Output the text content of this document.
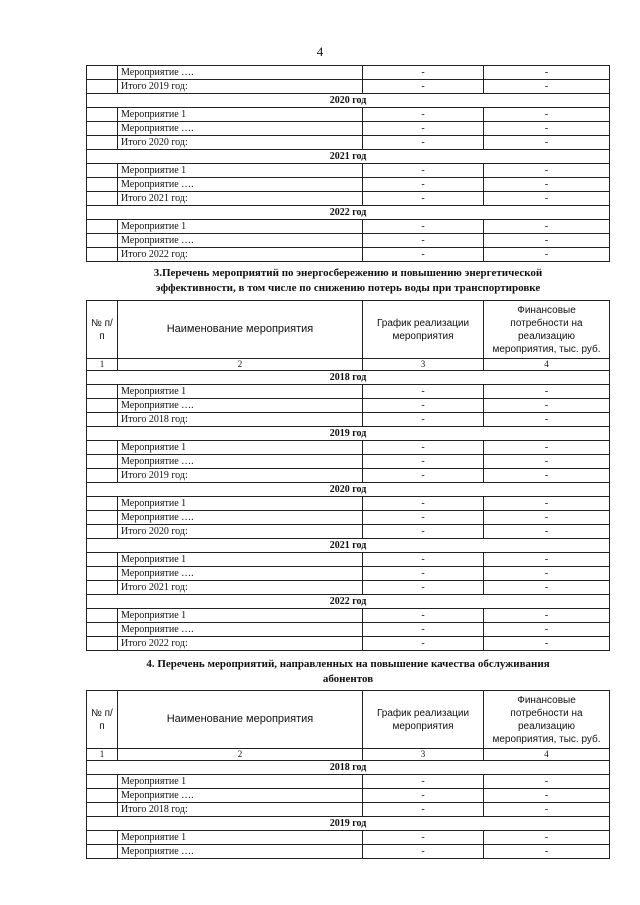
4
	Мероприятие ….	-	-
	Итого 2019 год:	-	-
2020 год			
	Мероприятие 1	-	-
	Мероприятие ….	-	-
	Итого 2020 год:	-	-
2021 год			
	Мероприятие 1	-	-
	Мероприятие ….	-	-
	Итого 2021 год:	-	-
2022 год			
	Мероприятие 1	-	-
	Мероприятие ….	-	-
	Итого 2022 год:	-	-
3.Перечень мероприятий по энергосбережению и повышению энергетической
эффективности, в том числе по снижению потерь воды при транспортировке
№ п/п	Наименование мероприятия	График реализации мероприятия	Финансовые потребности на реализацию мероприятия, тыс. руб.
1	2	3	4
2018 год			
	Мероприятие 1	-	-
	Мероприятие ….	-	-
	Итого 2018 год:	-	-
2019 год			
	Мероприятие 1	-	-
	Мероприятие ….	-	-
	Итого 2019 год:	-	-
2020 год			
	Мероприятие 1	-	-
	Мероприятие ….	-	-
	Итого 2020 год:	-	-
2021 год			
	Мероприятие 1	-	-
	Мероприятие ….	-	-
	Итого 2021 год:	-	-
2022 год			
	Мероприятие 1	-	-
	Мероприятие ….	-	-
	Итого 2022 год:	-	-
4. Перечень мероприятий, направленных на повышение качества обслуживания
абонентов
№ п/п	Наименование мероприятия	График реализации мероприятия	Финансовые потребности на реализацию мероприятия, тыс. руб.
1	2	3	4
2018 год			
	Мероприятие 1	-	-
	Мероприятие ….	-	-
	Итого 2018 год:	-	-
2019 год			
	Мероприятие 1	-	-
	Мероприятие ….	-	-
